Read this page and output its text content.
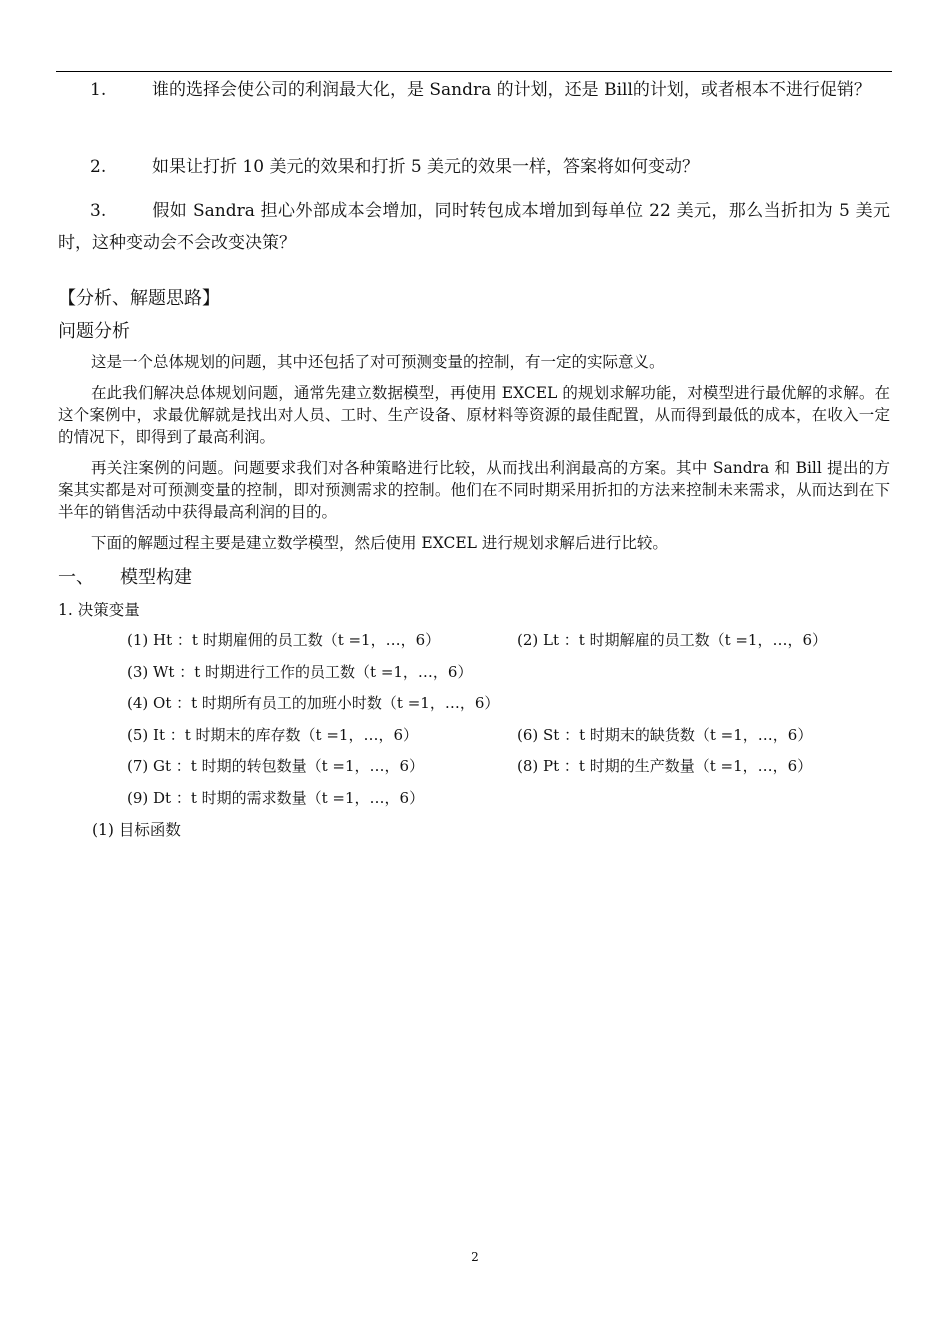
1.	谁的选择会使公司的利润最大化，是 Sandra 的计划，还是 Bill的计划，或者根本不进行促销？
2.	如果让打折 10 美元的效果和打折 5 美元的效果一样，答案将如何变动？
3.	假如 Sandra 担心外部成本会增加，同时转包成本增加到每单位 22 美元，那么当折扣为 5 美元时，这种变动会不会改变决策？
【分析、解题思路】
问题分析
这是一个总体规划的问题，其中还包括了对可预测变量的控制，有一定的实际意义。
在此我们解决总体规划问题，通常先建立数据模型，再使用 EXCEL 的规划求解功能，对模型进行最优解的求解。在这个案例中，求最优解就是找出对人员、工时、生产设备、原材料等资源的最佳配置，从而得到最低的成本，在收入一定的情况下，即得到了最高利润。
再关注案例的问题。问题要求我们对各种策略进行比较，从而找出利润最高的方案。其中 Sandra 和 Bill 提出的方案其实都是对可预测变量的控制，即对预测需求的控制。他们在不同时期采用折扣的方法来控制未来需求，从而达到在下半年的销售活动中获得最高利润的目的。
下面的解题过程主要是建立数学模型，然后使用 EXCEL 进行规划求解后进行比较。
一、 模型构建
1. 决策变量
(1) Ht ：t 时期雇佣的员工数（t =1，…，6）	(2) Lt ：t 时期解雇的员工数（t =1，…，6）
(3) Wt ：t 时期进行工作的员工数（t =1，…，6）
(4) Ot ：t 时期所有员工的加班小时数（t =1，…，6）
(5) It ：t 时期末的库存数（t =1，…，6）	(6) St ：t 时期末的缺货数（t =1，…，6）
(7) Gt ：t 时期的转包数量（t =1，…，6）	(8) Pt ：t 时期的生产数量（t =1，…，6）
(9) Dt ：t 时期的需求数量（t =1，…，6）
(1) 目标函数
2
